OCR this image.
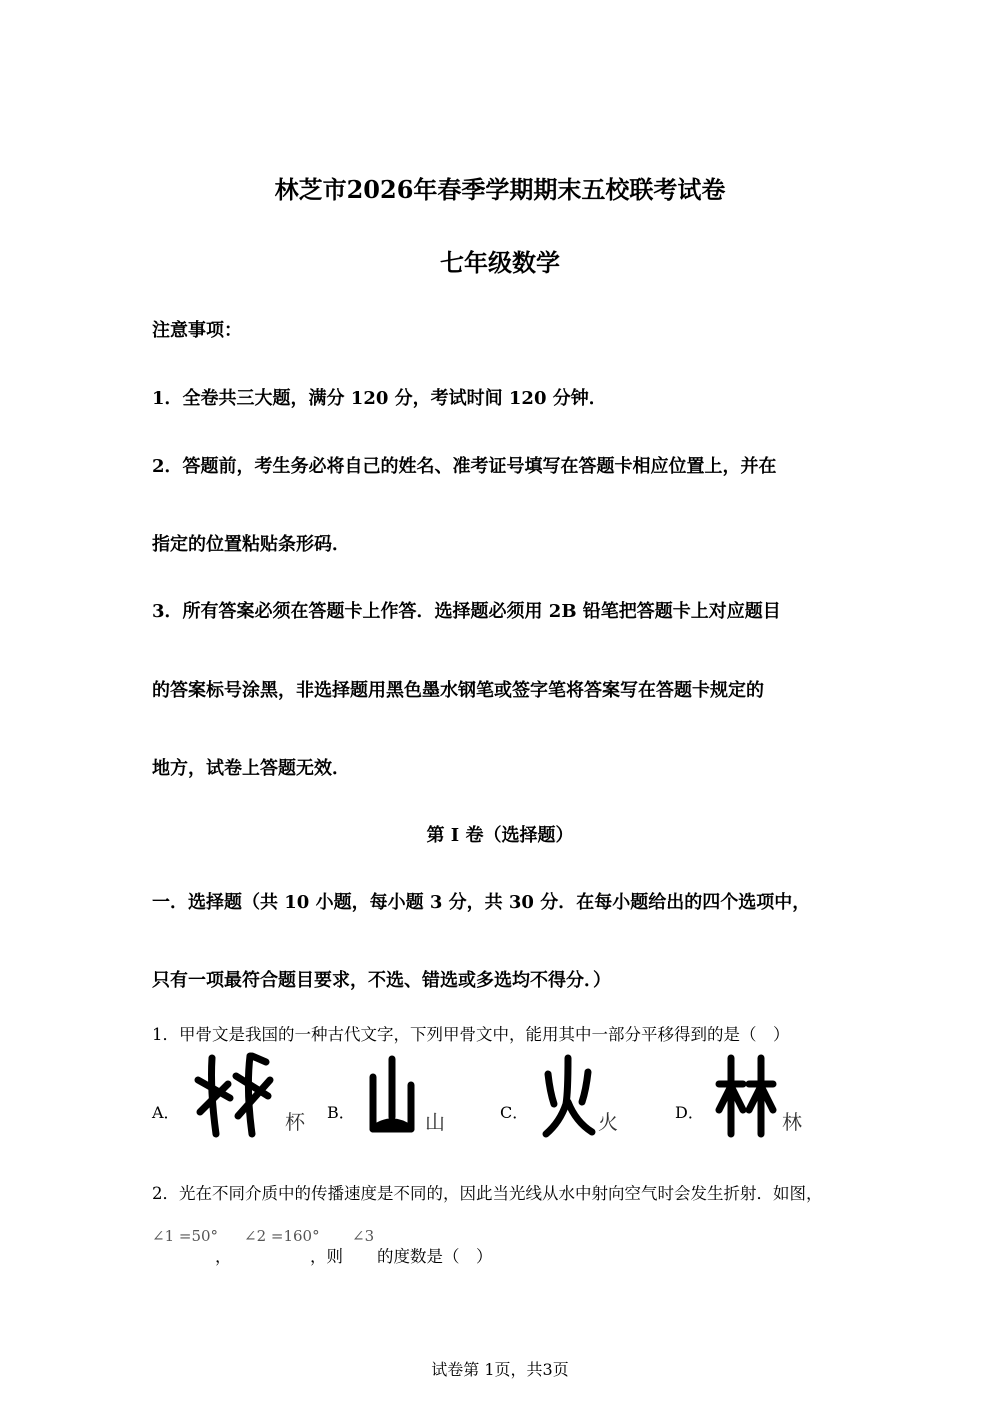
林芝市2026年春季学期期末五校联考试卷
七年级数学
注意事项：
1．全卷共三大题，满分 120 分，考试时间 120 分钟．
2．答题前，考生务必将自己的姓名、准考证号填写在答题卡相应位置上，并在
指定的位置粘贴条形码．
3．所有答案必须在答题卡上作答．选择题必须用 2B 铅笔把答题卡上对应题目
的答案标号涂黑，非选择题用黑色墨水钢笔或签字笔将答案写在答题卡规定的
地方，试卷上答题无效．
第 I 卷（选择题）
一．选择题（共 10 小题，每小题 3 分，共 30 分．在每小题给出的四个选项中，
只有一项最符合题目要求，不选、错选或多选均不得分．）
1．甲骨文是我国的一种古代文字，下列甲骨文中，能用其中一部分平移得到的是（　）
A．	杯 B．	山	C．	火	D．	林
2．光在不同介质中的传播速度是不同的，因此当光线从水中射向空气时会发生折射．如图，
∠1 =50°
，
∠2 =160°
，则
∠3
的度数是（　）
试卷第 1页，共3页
